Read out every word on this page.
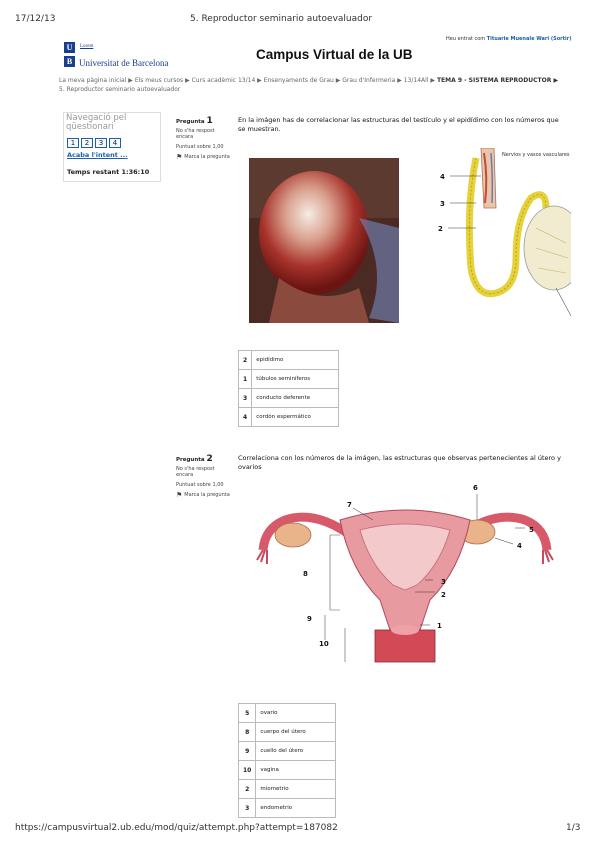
17/12/13	5. Reproductor seminario autoevaluador
U	Lorem
B Universitat de Barcelona
Heu entrat com Tituarie Muenale Wari (Sortir)
Campus Virtual de la UB
La meva pàgina inicial ▶ Els meus cursos ▶ Curs acadèmic 13/14 ▶ Ensenyaments de Grau ▶ Grau d'Infermeria ▶ 13/14All ▶ TEMA 9 - SISTEMA REPRODUCTOR ▶
5. Reproductor seminario autoevaluador
Navegació pel qüestionari
1	2	3	4
Acaba l'intent ...
Temps restant 1:36:10
Pregunta 1
No s'ha respost encara
Puntuat sobre 1,00
⚑ Marca la pregunta
En la imágen has de correlacionar las estructuras del testículo y el epidídimo con los números que se muestran.
4
3
2
Nervios y vasos vasculares
2	epidídimo
1	túbulos seminíferos
3	conducto deferente
4	cordón espermático
Pregunta 2
No s'ha respost encara
Puntuat sobre 1,00
⚑ Marca la pregunta
Correlaciona con los números de la imágen, las estructuras que observas pertenecientes al útero y ovarios
6
7
5
4
8
3
2
9
1
10
5	ovario
8	cuerpo del útero
9	cuello del útero
10	vagina
2	miometrio
3	endometrio
https://campusvirtual2.ub.edu/mod/quiz/attempt.php?attempt=187082	1/3
